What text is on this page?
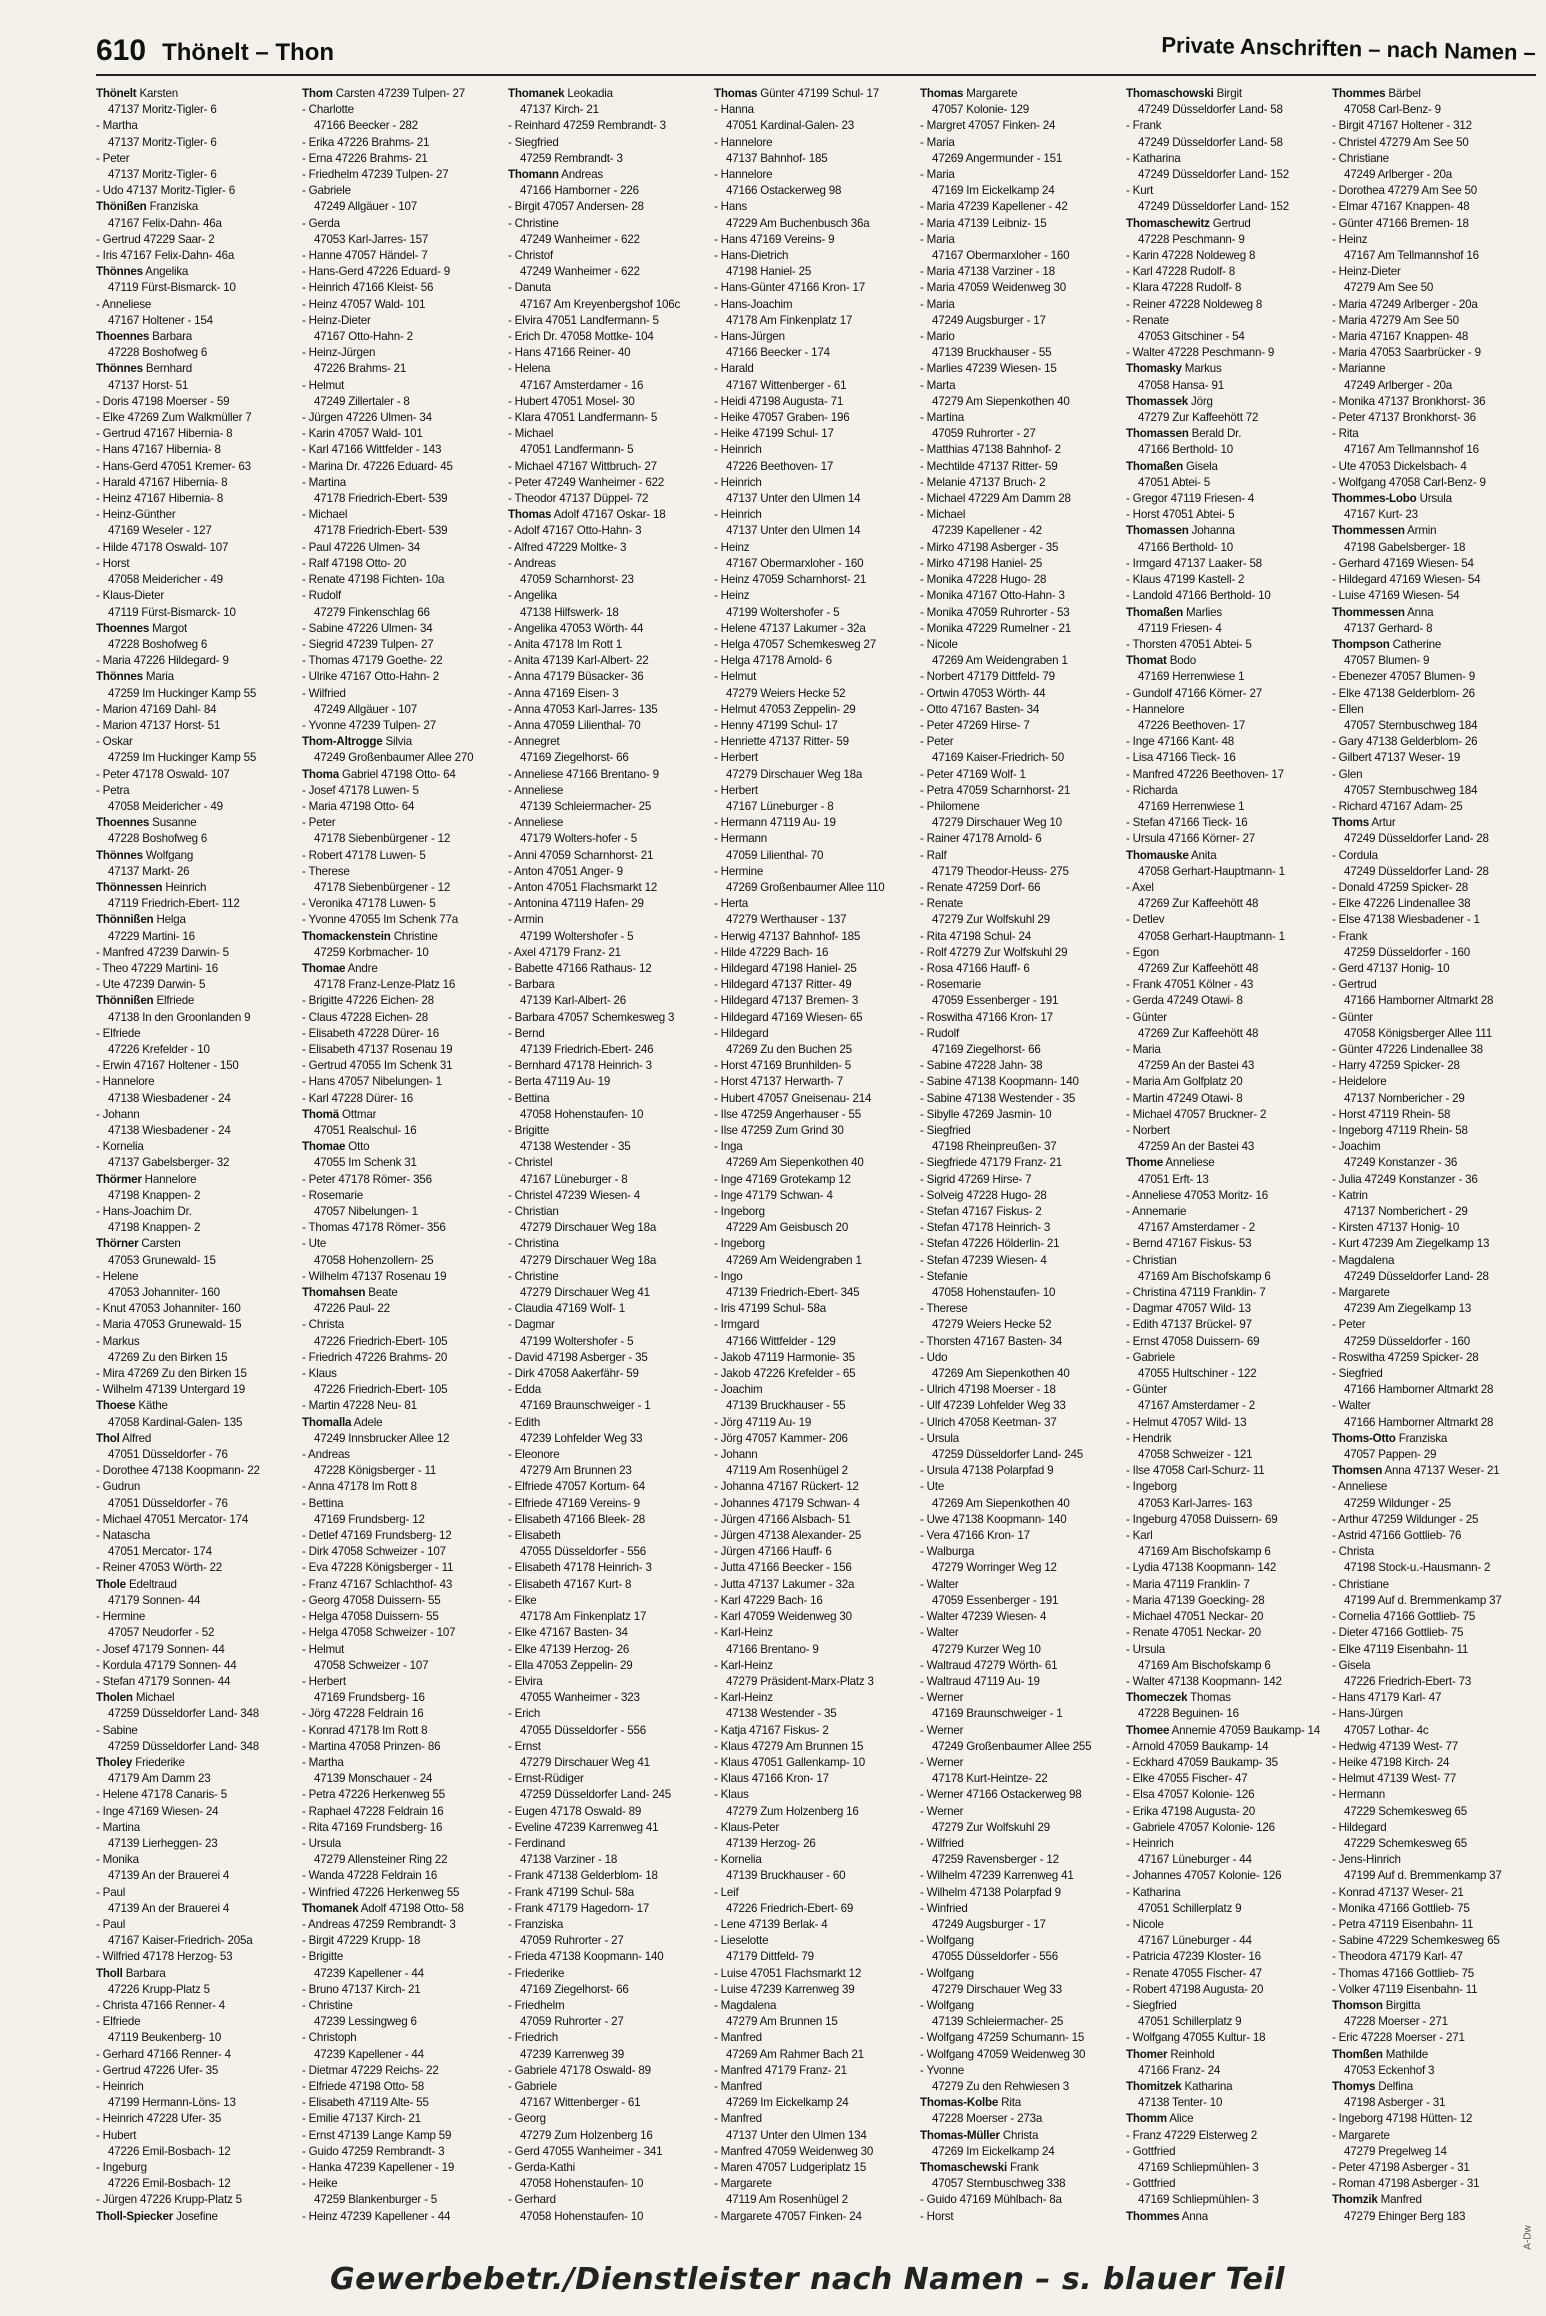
610 Thönelt – Thon	Private Anschriften – nach Namen –
Thönelt Karsten
47137 Moritz-Tigler- 6
- Martha
47137 Moritz-Tigler- 6
- Peter
47137 Moritz-Tigler- 6
- Udo 47137 Moritz-Tigler- 6
Thönißen Franziska
47167 Felix-Dahn- 46a
- Gertrud 47229 Saar- 2
- Iris 47167 Felix-Dahn- 46a
Thönnes Angelika
47119 Fürst-Bismarck- 10
- Anneliese
47167 Holtener - 154
Thoennes Barbara
47228 Boshofweg 6
Thönnes Bernhard
47137 Horst- 51
- Doris 47198 Moerser - 59
- Elke 47269 Zum Walkmüller 7
- Gertrud 47167 Hibernia- 8
- Hans 47167 Hibernia- 8
- Hans-Gerd 47051 Kremer- 63
- Harald 47167 Hibernia- 8
- Heinz 47167 Hibernia- 8
- Heinz-Günther
47169 Weseler - 127
- Hilde 47178 Oswald- 107
- Horst
47058 Meidericher - 49
- Klaus-Dieter
47119 Fürst-Bismarck- 10
Thoennes Margot
47228 Boshofweg 6
- Maria 47226 Hildegard- 9
Thönnes Maria
47259 Im Huckinger Kamp 55
- Marion 47169 Dahl- 84
- Marion 47137 Horst- 51
- Oskar
47259 Im Huckinger Kamp 55
- Peter 47178 Oswald- 107
- Petra
47058 Meidericher - 49
Thoennes Susanne
47228 Boshofweg 6
Thönnes Wolfgang
47137 Markt- 26
Thönnessen Heinrich
47119 Friedrich-Ebert- 112
Thönnißen Helga
47229 Martini- 16
- Manfred 47239 Darwin- 5
- Theo 47229 Martini- 16
- Ute 47239 Darwin- 5
Thönnißen Elfriede
47138 In den Groonlanden 9
- Elfriede
47226 Krefelder - 10
- Erwin 47167 Holtener - 150
- Hannelore
47138 Wiesbadener - 24
- Johann
47138 Wiesbadener - 24
- Kornelia
47137 Gabelsberger- 32
Thörmer Hannelore
47198 Knappen- 2
- Hans-Joachim Dr.
47198 Knappen- 2
Thörner Carsten
47053 Grunewald- 15
- Helene
47053 Johanniter- 160
- Knut 47053 Johanniter- 160
- Maria 47053 Grunewald- 15
- Markus
47269 Zu den Birken 15
- Mira 47269 Zu den Birken 15
- Wilhelm 47139 Untergard 19
Thoese Käthe
47058 Kardinal-Galen- 135
Thol Alfred
47051 Düsseldorfer - 76
- Dorothee 47138 Koopmann- 22
- Gudrun
47051 Düsseldorfer - 76
- Michael 47051 Mercator- 174
- Natascha
47051 Mercator- 174
- Reiner 47053 Wörth- 22
Thole Edeltraud
47179 Sonnen- 44
- Hermine
47057 Neudorfer - 52
- Josef 47179 Sonnen- 44
- Kordula 47179 Sonnen- 44
- Stefan 47179 Sonnen- 44
Tholen Michael
47259 Düsseldorfer Land- 348
- Sabine
47259 Düsseldorfer Land- 348
Tholey Friederike
47179 Am Damm 23
- Helene 47178 Canaris- 5
- Inge 47169 Wiesen- 24
- Martina
47139 Lierheggen- 23
- Monika
47139 An der Brauerei 4
- Paul
47139 An der Brauerei 4
- Paul
47167 Kaiser-Friedrich- 205a
- Wilfried 47178 Herzog- 53
Tholl Barbara
47226 Krupp-Platz 5
- Christa 47166 Renner- 4
- Elfriede
47119 Beukenberg- 10
- Gerhard 47166 Renner- 4
- Gertrud 47226 Ufer- 35
- Heinrich
47199 Hermann-Löns- 13
- Heinrich 47228 Ufer- 35
- Hubert
47226 Emil-Bosbach- 12
- Ingeburg
47226 Emil-Bosbach- 12
- Jürgen 47226 Krupp-Platz 5
Tholl-Spiecker Josefine
Thom Carsten 47239 Tulpen- 27
- Charlotte
47166 Beecker - 282
- Erika 47226 Brahms- 21
- Erna 47226 Brahms- 21
- Friedhelm 47239 Tulpen- 27
- Gabriele
47249 Allgäuer - 107
- Gerda
47053 Karl-Jarres- 157
- Hanne 47057 Händel- 7
- Hans-Gerd 47226 Eduard- 9
- Heinrich 47166 Kleist- 56
- Heinz 47057 Wald- 101
- Heinz-Dieter
47167 Otto-Hahn- 2
- Heinz-Jürgen
47226 Brahms- 21
- Helmut
47249 Zillertaler - 8
- Jürgen 47226 Ulmen- 34
- Karin 47057 Wald- 101
- Karl 47166 Wittfelder - 143
- Marina Dr. 47226 Eduard- 45
- Martina
47178 Friedrich-Ebert- 539
- Michael
47178 Friedrich-Ebert- 539
- Paul 47226 Ulmen- 34
- Ralf 47198 Otto- 20
- Renate 47198 Fichten- 10a
- Rudolf
47279 Finkenschlag 66
- Sabine 47226 Ulmen- 34
- Siegrid 47239 Tulpen- 27
- Thomas 47179 Goethe- 22
- Ulrike 47167 Otto-Hahn- 2
- Wilfried
47249 Allgäuer - 107
- Yvonne 47239 Tulpen- 27
Thom-Altrogge Silvia
47249 Großenbaumer Allee 270
Thoma Gabriel 47198 Otto- 64
- Josef 47178 Luwen- 5
- Maria 47198 Otto- 64
- Peter
47178 Siebenbürgener - 12
- Robert 47178 Luwen- 5
- Therese
47178 Siebenbürgener - 12
- Veronika 47178 Luwen- 5
- Yvonne 47055 Im Schenk 77a
Thomackenstein Christine
47259 Korbmacher- 10
Thomae Andre
47178 Franz-Lenze-Platz 16
- Brigitte 47226 Eichen- 28
- Claus 47228 Eichen- 28
- Elisabeth 47228 Dürer- 16
- Elisabeth 47137 Rosenau 19
- Gertrud 47055 Im Schenk 31
- Hans 47057 Nibelungen- 1
- Karl 47228 Dürer- 16
Thomä Ottmar
47051 Realschul- 16
Thomae Otto
47055 Im Schenk 31
- Peter 47178 Römer- 356
- Rosemarie
47057 Nibelungen- 1
- Thomas 47178 Römer- 356
- Ute
47058 Hohenzollern- 25
- Wilhelm 47137 Rosenau 19
Thomahsen Beate
47226 Paul- 22
- Christa
47226 Friedrich-Ebert- 105
- Friedrich 47226 Brahms- 20
- Klaus
47226 Friedrich-Ebert- 105
- Martin 47228 Neu- 81
Thomalla Adele
47249 Innsbrucker Allee 12
- Andreas
47228 Königsberger - 11
- Anna 47178 Im Rott 8
- Bettina
47169 Frundsberg- 12
- Detlef 47169 Frundsberg- 12
- Dirk 47058 Schweizer - 107
- Eva 47228 Königsberger - 11
- Franz 47167 Schlachthof- 43
- Georg 47058 Duissern- 55
- Helga 47058 Duissern- 55
- Helga 47058 Schweizer - 107
- Helmut
47058 Schweizer - 107
- Herbert
47169 Frundsberg- 16
- Jörg 47228 Feldrain 16
- Konrad 47178 Im Rott 8
- Martina 47058 Prinzen- 86
- Martha
47139 Monschauer - 24
- Petra 47226 Herkenweg 55
- Raphael 47228 Feldrain 16
- Rita 47169 Frundsberg- 16
- Ursula
47279 Allensteiner Ring 22
- Wanda 47228 Feldrain 16
- Winfried 47226 Herkenweg 55
Thomanek Adolf 47198 Otto- 58
- Andreas 47259 Rembrandt- 3
- Birgit 47229 Krupp- 18
- Brigitte
47239 Kapellener - 44
- Bruno 47137 Kirch- 21
- Christine
47239 Lessingweg 6
- Christoph
47239 Kapellener - 44
- Dietmar 47229 Reichs- 22
- Elfriede 47198 Otto- 58
- Elisabeth 47119 Alte- 55
- Emilie 47137 Kirch- 21
- Ernst 47139 Lange Kamp 59
- Guido 47259 Rembrandt- 3
- Hanka 47239 Kapellener - 19
- Heike
47259 Blankenburger - 5
- Heinz 47239 Kapellener - 44
Thomanek Leokadia
47137 Kirch- 21
- Reinhard 47259 Rembrandt- 3
- Siegfried
47259 Rembrandt- 3
Thomann Andreas
47166 Hamborner - 226
- Birgit 47057 Andersen- 28
- Christine
47249 Wanheimer - 622
- Christof
47249 Wanheimer - 622
- Danuta
47167 Am Kreyenbergshof 106c
- Elvira 47051 Landfermann- 5
- Erich Dr. 47058 Mottke- 104
- Hans 47166 Reiner- 40
- Helena
47167 Amsterdamer - 16
- Hubert 47051 Mosel- 30
- Klara 47051 Landfermann- 5
- Michael
47051 Landfermann- 5
- Michael 47167 Wittbruch- 27
- Peter 47249 Wanheimer - 622
- Theodor 47137 Düppel- 72
Thomas Adolf 47167 Oskar- 18
- Adolf 47167 Otto-Hahn- 3
- Alfred 47229 Moltke- 3
- Andreas
47059 Scharnhorst- 23
- Angelika
47138 Hilfswerk- 18
- Angelika 47053 Wörth- 44
- Anita 47178 Im Rott 1
- Anita 47139 Karl-Albert- 22
- Anna 47179 Büsacker- 36
- Anna 47169 Eisen- 3
- Anna 47053 Karl-Jarres- 135
- Anna 47059 Lilienthal- 70
- Annegret
47169 Ziegelhorst- 66
- Anneliese 47166 Brentano- 9
- Anneliese
47139 Schleiermacher- 25
- Anneliese
47179 Wolters-hofer - 5
- Anni 47059 Scharnhorst- 21
- Anton 47051 Anger- 9
- Anton 47051 Flachsmarkt 12
- Antonina 47119 Hafen- 29
- Armin
47199 Woltershofer - 5
- Axel 47179 Franz- 21
- Babette 47166 Rathaus- 12
- Barbara
47139 Karl-Albert- 26
- Barbara 47057 Schemkesweg 3
- Bernd
47139 Friedrich-Ebert- 246
- Bernhard 47178 Heinrich- 3
- Berta 47119 Au- 19
- Bettina
47058 Hohenstaufen- 10
- Brigitte
47138 Westender - 35
- Christel
47167 Lüneburger - 8
- Christel 47239 Wiesen- 4
- Christian
47279 Dirschauer Weg 18a
- Christina
47279 Dirschauer Weg 18a
- Christine
47279 Dirschauer Weg 41
- Claudia 47169 Wolf- 1
- Dagmar
47199 Woltershofer - 5
- David 47198 Asberger - 35
- Dirk 47058 Aakerfähr- 59
- Edda
47169 Braunschweiger - 1
- Edith
47239 Lohfelder Weg 33
- Eleonore
47279 Am Brunnen 23
- Elfriede 47057 Kortum- 64
- Elfriede 47169 Vereins- 9
- Elisabeth 47166 Bleek- 28
- Elisabeth
47055 Düsseldorfer - 556
- Elisabeth 47178 Heinrich- 3
- Elisabeth 47167 Kurt- 8
- Elke
47178 Am Finkenplatz 17
- Elke 47167 Basten- 34
- Elke 47139 Herzog- 26
- Ella 47053 Zeppelin- 29
- Elvira
47055 Wanheimer - 323
- Erich
47055 Düsseldorfer - 556
- Ernst
47279 Dirschauer Weg 41
- Ernst-Rüdiger
47259 Düsseldorfer Land- 245
- Eugen 47178 Oswald- 89
- Eveline 47239 Karrenweg 41
- Ferdinand
47138 Varziner - 18
- Frank 47138 Gelderblom- 18
- Frank 47199 Schul- 58a
- Frank 47179 Hagedorn- 17
- Franziska
47059 Ruhrorter - 27
- Frieda 47138 Koopmann- 140
- Friederike
47169 Ziegelhorst- 66
- Friedhelm
47059 Ruhrorter - 27
- Friedrich
47239 Karrenweg 39
- Gabriele 47178 Oswald- 89
- Gabriele
47167 Wittenberger - 61
- Georg
47279 Zum Holzenberg 16
- Gerd 47055 Wanheimer - 341
- Gerda-Kathi
47058 Hohenstaufen- 10
- Gerhard
47058 Hohenstaufen- 10
Thomas Günter 47199 Schul- 17
- Hanna
47051 Kardinal-Galen- 23
- Hannelore
47137 Bahnhof- 185
- Hannelore
47166 Ostackerweg 98
- Hans
47229 Am Buchenbusch 36a
- Hans 47169 Vereins- 9
- Hans-Dietrich
47198 Haniel- 25
- Hans-Günter 47166 Kron- 17
- Hans-Joachim
47178 Am Finkenplatz 17
- Hans-Jürgen
47166 Beecker - 174
- Harald
47167 Wittenberger - 61
- Heidi 47198 Augusta- 71
- Heike 47057 Graben- 196
- Heike 47199 Schul- 17
- Heinrich
47226 Beethoven- 17
- Heinrich
47137 Unter den Ulmen 14
- Heinrich
47137 Unter den Ulmen 14
- Heinz
47167 Obermarxloher - 160
- Heinz 47059 Scharnhorst- 21
- Heinz
47199 Woltershofer - 5
- Helene 47137 Lakumer - 32a
- Helga 47057 Schemkesweg 27
- Helga 47178 Arnold- 6
- Helmut
47279 Weiers Hecke 52
- Helmut 47053 Zeppelin- 29
- Henny 47199 Schul- 17
- Henriette 47137 Ritter- 59
- Herbert
47279 Dirschauer Weg 18a
- Herbert
47167 Lüneburger - 8
- Hermann 47119 Au- 19
- Hermann
47059 Lilienthal- 70
- Hermine
47269 Großenbaumer Allee 110
- Herta
47279 Werthauser - 137
- Herwig 47137 Bahnhof- 185
- Hilde 47229 Bach- 16
- Hildegard 47198 Haniel- 25
- Hildegard 47137 Ritter- 49
- Hildegard 47137 Bremen- 3
- Hildegard 47169 Wiesen- 65
- Hildegard
47269 Zu den Buchen 25
- Horst 47169 Brunhilden- 5
- Horst 47137 Herwarth- 7
- Hubert 47057 Gneisenau- 214
- Ilse 47259 Angerhauser - 55
- Ilse 47259 Zum Grind 30
- Inga
47269 Am Siepenkothen 40
- Inge 47169 Grotekamp 12
- Inge 47179 Schwan- 4
- Ingeborg
47229 Am Geisbusch 20
- Ingeborg
47269 Am Weidengraben 1
- Ingo
47139 Friedrich-Ebert- 345
- Iris 47199 Schul- 58a
- Irmgard
47166 Wittfelder - 129
- Jakob 47119 Harmonie- 35
- Jakob 47226 Krefelder - 65
- Joachim
47139 Bruckhauser - 55
- Jörg 47119 Au- 19
- Jörg 47057 Kammer- 206
- Johann
47119 Am Rosenhügel 2
- Johanna 47167 Rückert- 12
- Johannes 47179 Schwan- 4
- Jürgen 47166 Alsbach- 51
- Jürgen 47138 Alexander- 25
- Jürgen 47166 Hauff- 6
- Jutta 47166 Beecker - 156
- Jutta 47137 Lakumer - 32a
- Karl 47229 Bach- 16
- Karl 47059 Weidenweg 30
- Karl-Heinz
47166 Brentano- 9
- Karl-Heinz
47279 Präsident-Marx-Platz 3
- Karl-Heinz
47138 Westender - 35
- Katja 47167 Fiskus- 2
- Klaus 47279 Am Brunnen 15
- Klaus 47051 Gallenkamp- 10
- Klaus 47166 Kron- 17
- Klaus
47279 Zum Holzenberg 16
- Klaus-Peter
47139 Herzog- 26
- Kornelia
47139 Bruckhauser - 60
- Leif
47226 Friedrich-Ebert- 69
- Lene 47139 Berlak- 4
- Lieselotte
47179 Dittfeld- 79
- Luise 47051 Flachsmarkt 12
- Luise 47239 Karrenweg 39
- Magdalena
47279 Am Brunnen 15
- Manfred
47269 Am Rahmer Bach 21
- Manfred 47179 Franz- 21
- Manfred
47269 Im Eickelkamp 24
- Manfred
47137 Unter den Ulmen 134
- Manfred 47059 Weidenweg 30
- Maren 47057 Ludgeriplatz 15
- Margarete
47119 Am Rosenhügel 2
- Margarete 47057 Finken- 24
Thomas Margarete
47057 Kolonie- 129
- Margret 47057 Finken- 24
- Maria
47269 Angermunder - 151
- Maria
47169 Im Eickelkamp 24
- Maria 47239 Kapellener - 42
- Maria 47139 Leibniz- 15
- Maria
47167 Obermarxloher - 160
- Maria 47138 Varziner - 18
- Maria 47059 Weidenweg 30
- Maria
47249 Augsburger - 17
- Mario
47139 Bruckhauser - 55
- Marlies 47239 Wiesen- 15
- Marta
47279 Am Siepenkothen 40
- Martina
47059 Ruhrorter - 27
- Matthias 47138 Bahnhof- 2
- Mechtilde 47137 Ritter- 59
- Melanie 47137 Bruch- 2
- Michael 47229 Am Damm 28
- Michael
47239 Kapellener - 42
- Mirko 47198 Asberger - 35
- Mirko 47198 Haniel- 25
- Monika 47228 Hugo- 28
- Monika 47167 Otto-Hahn- 3
- Monika 47059 Ruhrorter - 53
- Monika 47229 Rumelner - 21
- Nicole
47269 Am Weidengraben 1
- Norbert 47179 Dittfeld- 79
- Ortwin 47053 Wörth- 44
- Otto 47167 Basten- 34
- Peter 47269 Hirse- 7
- Peter
47169 Kaiser-Friedrich- 50
- Peter 47169 Wolf- 1
- Petra 47059 Scharnhorst- 21
- Philomene
47279 Dirschauer Weg 10
- Rainer 47178 Arnold- 6
- Ralf
47179 Theodor-Heuss- 275
- Renate 47259 Dorf- 66
- Renate
47279 Zur Wolfskuhl 29
- Rita 47198 Schul- 24
- Rolf 47279 Zur Wolfskuhl 29
- Rosa 47166 Hauff- 6
- Rosemarie
47059 Essenberger - 191
- Roswitha 47166 Kron- 17
- Rudolf
47169 Ziegelhorst- 66
- Sabine 47228 Jahn- 38
- Sabine 47138 Koopmann- 140
- Sabine 47138 Westender - 35
- Sibylle 47269 Jasmin- 10
- Siegfried
47198 Rheinpreußen- 37
- Siegfriede 47179 Franz- 21
- Sigrid 47269 Hirse- 7
- Solveig 47228 Hugo- 28
- Stefan 47167 Fiskus- 2
- Stefan 47178 Heinrich- 3
- Stefan 47226 Hölderlin- 21
- Stefan 47239 Wiesen- 4
- Stefanie
47058 Hohenstaufen- 10
- Therese
47279 Weiers Hecke 52
- Thorsten 47167 Basten- 34
- Udo
47269 Am Siepenkothen 40
- Ulrich 47198 Moerser - 18
- Ulf 47239 Lohfelder Weg 33
- Ulrich 47058 Keetman- 37
- Ursula
47259 Düsseldorfer Land- 245
- Ursula 47138 Polarpfad 9
- Ute
47269 Am Siepenkothen 40
- Uwe 47138 Koopmann- 140
- Vera 47166 Kron- 17
- Walburga
47279 Worringer Weg 12
- Walter
47059 Essenberger - 191
- Walter 47239 Wiesen- 4
- Walter
47279 Kurzer Weg 10
- Waltraud 47279 Wörth- 61
- Waltraud 47119 Au- 19
- Werner
47169 Braunschweiger - 1
- Werner
47249 Großenbaumer Allee 255
- Werner
47178 Kurt-Heintze- 22
- Werner 47166 Ostackerweg 98
- Werner
47279 Zur Wolfskuhl 29
- Wilfried
47259 Ravensberger - 12
- Wilhelm 47239 Karrenweg 41
- Wilhelm 47138 Polarpfad 9
- Winfried
47249 Augsburger - 17
- Wolfgang
47055 Düsseldorfer - 556
- Wolfgang
47279 Dirschauer Weg 33
- Wolfgang
47139 Schleiermacher- 25
- Wolfgang 47259 Schumann- 15
- Wolfgang 47059 Weidenweg 30
- Yvonne
47279 Zu den Rehwiesen 3
Thomas-Kolbe Rita
47228 Moerser - 273a
Thomas-Müller Christa
47269 Im Eickelkamp 24
Thomaschewski Frank
47057 Sternbuschweg 338
- Guido 47169 Mühlbach- 8a
- Horst
Thomaschowski Birgit
47249 Düsseldorfer Land- 58
- Frank
47249 Düsseldorfer Land- 58
- Katharina
47249 Düsseldorfer Land- 152
- Kurt
47249 Düsseldorfer Land- 152
Thomaschewitz Gertrud
47228 Peschmann- 9
- Karin 47228 Noldeweg 8
- Karl 47228 Rudolf- 8
- Klara 47228 Rudolf- 8
- Reiner 47228 Noldeweg 8
- Renate
47053 Gitschiner - 54
- Walter 47228 Peschmann- 9
Thomasky Markus
47058 Hansa- 91
Thomassek Jörg
47279 Zur Kaffeehött 72
Thomassen Berald Dr.
47166 Berthold- 10
Thomaßen Gisela
47051 Abtei- 5
- Gregor 47119 Friesen- 4
- Horst 47051 Abtei- 5
Thomassen Johanna
47166 Berthold- 10
- Irmgard 47137 Laaker- 58
- Klaus 47199 Kastell- 2
- Landold 47166 Berthold- 10
Thomaßen Marlies
47119 Friesen- 4
- Thorsten 47051 Abtei- 5
Thomat Bodo
47169 Herrenwiese 1
- Gundolf 47166 Körner- 27
- Hannelore
47226 Beethoven- 17
- Inge 47166 Kant- 48
- Lisa 47166 Tieck- 16
- Manfred 47226 Beethoven- 17
- Richarda
47169 Herrenwiese 1
- Stefan 47166 Tieck- 16
- Ursula 47166 Körner- 27
Thomauske Anita
47058 Gerhart-Hauptmann- 1
- Axel
47269 Zur Kaffeehött 48
- Detlev
47058 Gerhart-Hauptmann- 1
- Egon
47269 Zur Kaffeehött 48
- Frank 47051 Kölner - 43
- Gerda 47249 Otawi- 8
- Günter
47269 Zur Kaffeehött 48
- Maria
47259 An der Bastei 43
- Maria Am Golfplatz 20
- Martin 47249 Otawi- 8
- Michael 47057 Bruckner- 2
- Norbert
47259 An der Bastei 43
Thome Anneliese
47051 Erft- 13
- Anneliese 47053 Moritz- 16
- Annemarie
47167 Amsterdamer - 2
- Bernd 47167 Fiskus- 53
- Christian
47169 Am Bischofskamp 6
- Christina 47119 Franklin- 7
- Dagmar 47057 Wild- 13
- Edith 47137 Brückel- 97
- Ernst 47058 Duissern- 69
- Gabriele
47055 Hultschiner - 122
- Günter
47167 Amsterdamer - 2
- Helmut 47057 Wild- 13
- Hendrik
47058 Schweizer - 121
- Ilse 47058 Carl-Schurz- 11
- Ingeborg
47053 Karl-Jarres- 163
- Ingeburg 47058 Duissern- 69
- Karl
47169 Am Bischofskamp 6
- Lydia 47138 Koopmann- 142
- Maria 47119 Franklin- 7
- Maria 47139 Goecking- 28
- Michael 47051 Neckar- 20
- Renate 47051 Neckar- 20
- Ursula
47169 Am Bischofskamp 6
- Walter 47138 Koopmann- 142
Thomeczek Thomas
47228 Beguinen- 16
Thomee Annemie 47059 Baukamp- 14
- Arnold 47059 Baukamp- 14
- Eckhard 47059 Baukamp- 35
- Elke 47055 Fischer- 47
- Elsa 47057 Koloniе- 126
- Erika 47198 Augusta- 20
- Gabriele 47057 Kolonie- 126
- Heinrich
47167 Lüneburger - 44
- Johannes 47057 Kolonie- 126
- Katharina
47051 Schillerplatz 9
- Nicole
47167 Lüneburger - 44
- Patricia 47239 Kloster- 16
- Renate 47055 Fischer- 47
- Robert 47198 Augusta- 20
- Siegfried
47051 Schillerplatz 9
- Wolfgang 47055 Kultur- 18
Thomer Reinhold
47166 Franz- 24
Thomitzek Katharina
47138 Tenter- 10
Thomm Alice
- Franz 47229 Elsterweg 2
- Gottfried
47169 Schliepmühlen- 3
- Gottfried
47169 Schliepmühlen- 3
Thommes Anna
Thommes Bärbel
47058 Carl-Benz- 9
- Birgit 47167 Holtener - 312
- Christel 47279 Am See 50
- Christiane
47249 Arlberger - 20a
- Dorothea 47279 Am See 50
- Elmar 47167 Knappen- 48
- Günter 47166 Bremen- 18
- Heinz
47167 Am Tellmannshof 16
- Heinz-Dieter
47279 Am See 50
- Maria 47249 Arlberger - 20a
- Maria 47279 Am See 50
- Maria 47167 Knappen- 48
- Maria 47053 Saarbrücker - 9
- Marianne
47249 Arlberger - 20a
- Monika 47137 Bronkhorst- 36
- Peter 47137 Bronkhorst- 36
- Rita
47167 Am Tellmannshof 16
- Ute 47053 Dickelsbach- 4
- Wolfgang 47058 Carl-Benz- 9
Thommes-Lobo Ursula
47167 Kurt- 23
Thommessen Armin
47198 Gabelsberger- 18
- Gerhard 47169 Wiesen- 54
- Hildegard 47169 Wiesen- 54
- Luise 47169 Wiesen- 54
Thommessen Anna
47137 Gerhard- 8
Thompson Catherine
47057 Blumen- 9
- Ebenezer 47057 Blumen- 9
- Elke 47138 Gelderblom- 26
- Ellen
47057 Sternbuschweg 184
- Gary 47138 Gelderblom- 26
- Gilbert 47137 Weser- 19
- Glen
47057 Sternbuschweg 184
- Richard 47167 Adam- 25
Thoms Artur
47249 Düsseldorfer Land- 28
- Cordula
47249 Düsseldorfer Land- 28
- Donald 47259 Spicker- 28
- Elke 47226 Lindenallee 38
- Else 47138 Wiesbadener - 1
- Frank
47259 Düsseldorfer - 160
- Gerd 47137 Honig- 10
- Gertrud
47166 Hamborner Altmarkt 28
- Günter
47058 Königsberger Allee 111
- Günter 47226 Lindenallee 38
- Harry 47259 Spicker- 28
- Heidelore
47137 Nombericher - 29
- Horst 47119 Rhein- 58
- Ingeborg 47119 Rhein- 58
- Joachim
47249 Konstanzer - 36
- Julia 47249 Konstanzer - 36
- Katrin
47137 Nomberichert - 29
- Kirsten 47137 Honig- 10
- Kurt 47239 Am Ziegelkamp 13
- Magdalena
47249 Düsseldorfer Land- 28
- Margarete
47239 Am Ziegelkamp 13
- Peter
47259 Düsseldorfer - 160
- Roswitha 47259 Spicker- 28
- Siegfried
47166 Hamborner Altmarkt 28
- Walter
47166 Hamborner Altmarkt 28
Thoms-Otto Franziska
47057 Pappen- 29
Thomsen Anna 47137 Weser- 21
- Anneliese
47259 Wildunger - 25
- Arthur 47259 Wildunger - 25
- Astrid 47166 Gottlieb- 76
- Christa
47198 Stock-u.-Hausmann- 2
- Christiane
47199 Auf d. Bremmenkamp 37
- Cornelia 47166 Gottlieb- 75
- Dieter 47166 Gottlieb- 75
- Elke 47119 Eisenbahn- 11
- Gisela
47226 Friedrich-Ebert- 73
- Hans 47179 Karl- 47
- Hans-Jürgen
47057 Lothar- 4c
- Hedwig 47139 West- 77
- Heike 47198 Kirch- 24
- Helmut 47139 West- 77
- Hermann
47229 Schemkesweg 65
- Hildegard
47229 Schemkesweg 65
- Jens-Hinrich
47199 Auf d. Bremmenkamp 37
- Konrad 47137 Weser- 21
- Monika 47166 Gottlieb- 75
- Petra 47119 Eisenbahn- 11
- Sabine 47229 Schemkesweg 65
- Theodora 47179 Karl- 47
- Thomas 47166 Gottlieb- 75
- Volker 47119 Eisenbahn- 11
Thomson Birgitta
47228 Moerser - 271
- Eric 47228 Moerser - 271
Thomßen Mathilde
47053 Eckenhof 3
Thomys Delfina
47198 Asberger - 31
- Ingeborg 47198 Hütten- 12
- Margarete
47279 Pregelweg 14
- Peter 47198 Asberger - 31
- Roman 47198 Asberger - 31
Thomzik Manfred
47279 Ehinger Berg 183
Gewerbebetr./Dienstleister nach Namen – s. blauer Teil
A-Dw
